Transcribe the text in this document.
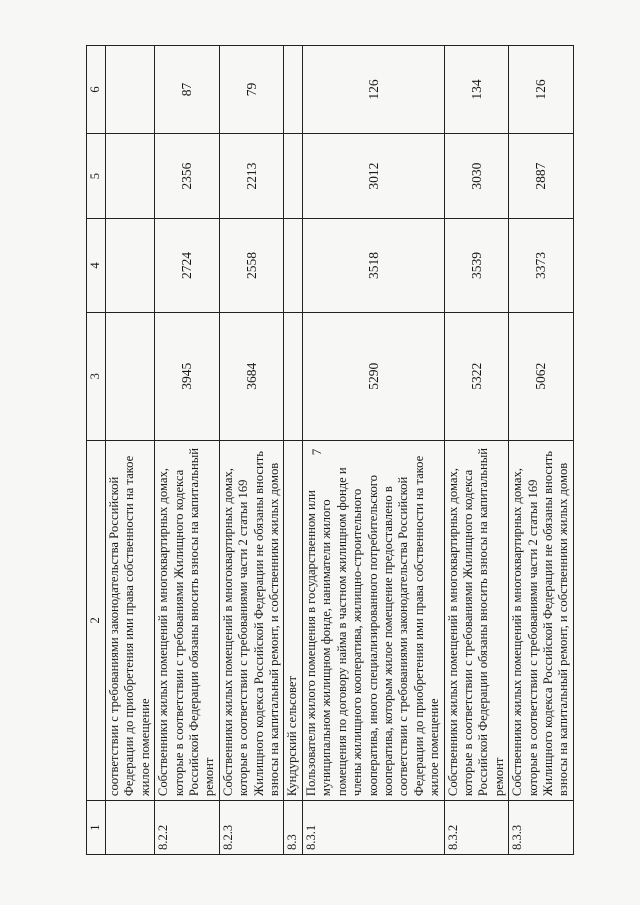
7
1	2	3	4	5	6
	соответствии с требованиями законодательства Российской Федерации до приобретения ими права собственности на такое жилое помещение				
8.2.2	Собственники жилых помещений в многоквартирных домах, которые в соответствии с требованиями Жилищного кодекса Российской Федерации обязаны вносить взносы на капитальный ремонт	3945	2724	2356	87
8.2.3	Собственники жилых помещений в многоквартирных домах, которые в соответствии с требованиями части 2 статьи 169 Жилищного кодекса Российской Федерации не обязаны вносить взносы на капитальный ремонт, и собственники жилых домов	3684	2558	2213	79
8.3	Кундурский сельсовет				
8.3.1	Пользователи жилого помещения в государственном или муниципальном жилищном фонде, наниматели жилого помещения по договору найма в частном жилищном фонде и члены жилищного кооператива, жилищно-строительного кооператива, иного специализированного потребительского кооператива, которым жилое помещение предоставлено в соответствии с требованиями законодательства Российской Федерации до приобретения ими права собственности на такое жилое помещение	5290	3518	3012	126
8.3.2	Собственники жилых помещений в многоквартирных домах, которые в соответствии с требованиями Жилищного кодекса Российской Федерации обязаны вносить взносы на капитальный ремонт	5322	3539	3030	134
8.3.3	Собственники жилых помещений в многоквартирных домах, которые в соответствии с требованиями части 2 статьи 169 Жилищного кодекса Российской Федерации не обязаны вносить взносы на капитальный ремонт, и собственники жилых домов	5062	3373	2887	126
